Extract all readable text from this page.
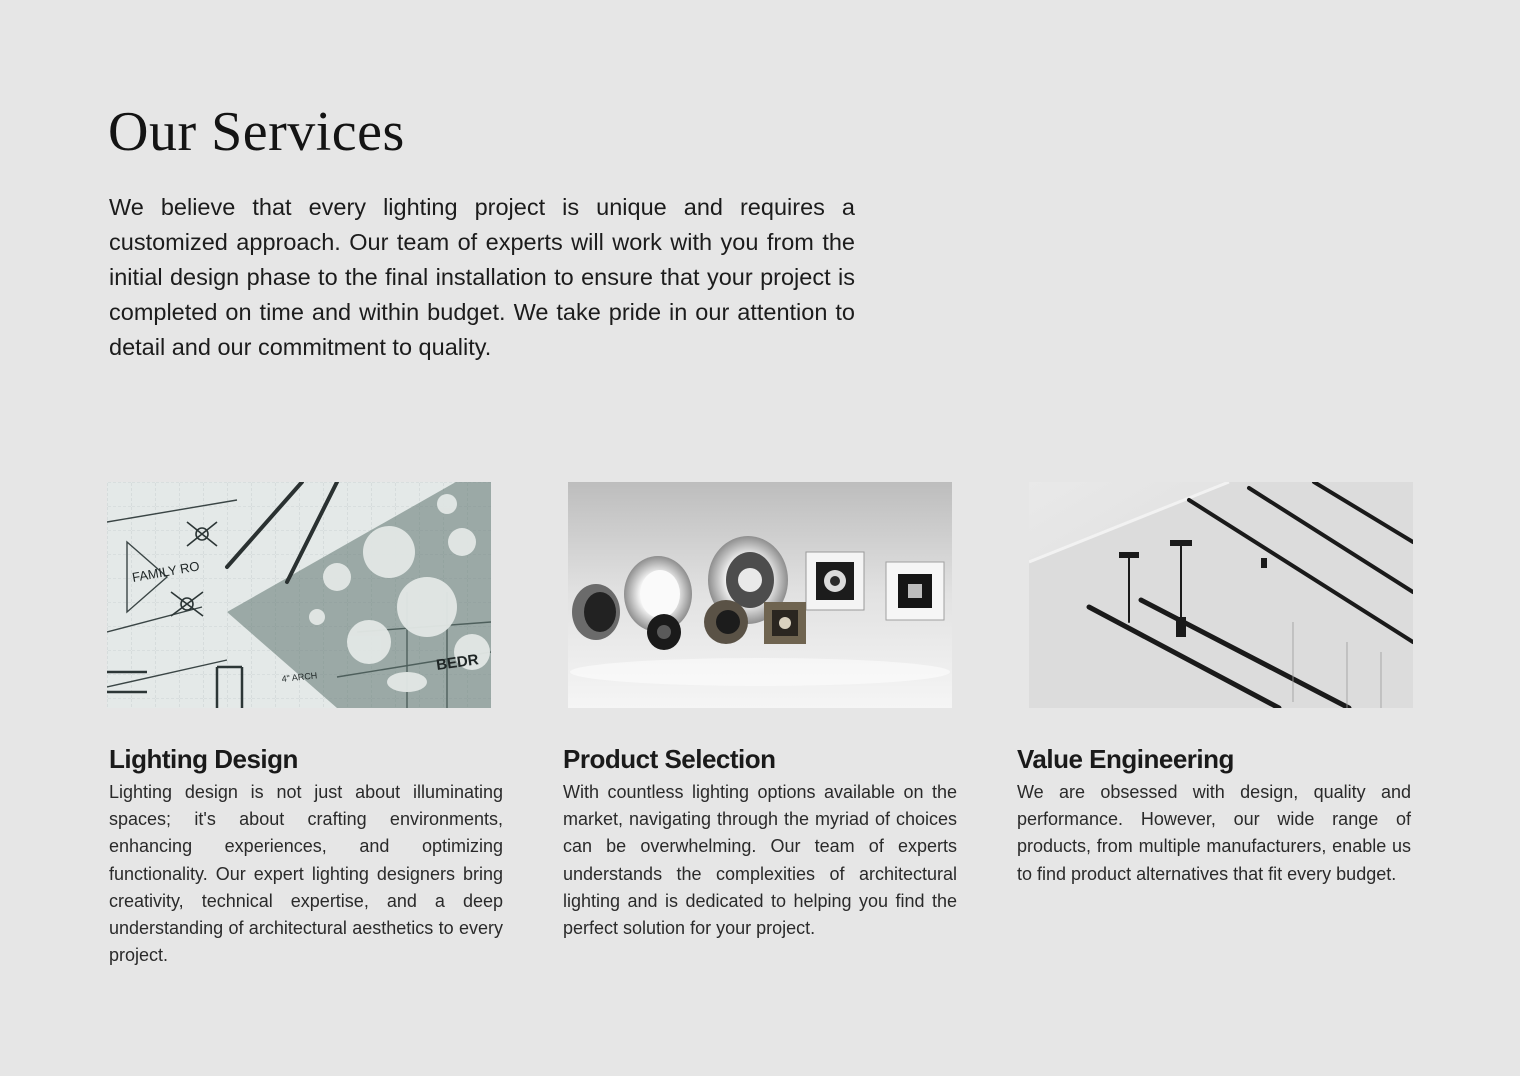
Our Services

We believe that every lighting project is unique and requires a customized approach. Our team of experts will work with you from the initial design phase to the final installation to ensure that your project is completed on time and within budget. We take pride in our attention to detail and our commitment to quality.

FAMILY RO
BEDR
4" ARCH
Lighting Design

Lighting design is not just about illuminating spaces; it's about crafting environments, enhancing experiences, and optimizing functionality. Our expert lighting designers bring creativity, technical expertise, and a deep understanding of architectural aesthetics to every project.

Product Selection

With countless lighting options available on the market, navigating through the myriad of choices can be overwhelming. Our team of experts understands the complexities of architectural lighting and is dedicated to helping you find the perfect solution for your project.

Value Engineering

We are obsessed with design, quality and performance. However, our wide range of products, from multiple manufacturers, enable us to find product alternatives that fit every budget.
